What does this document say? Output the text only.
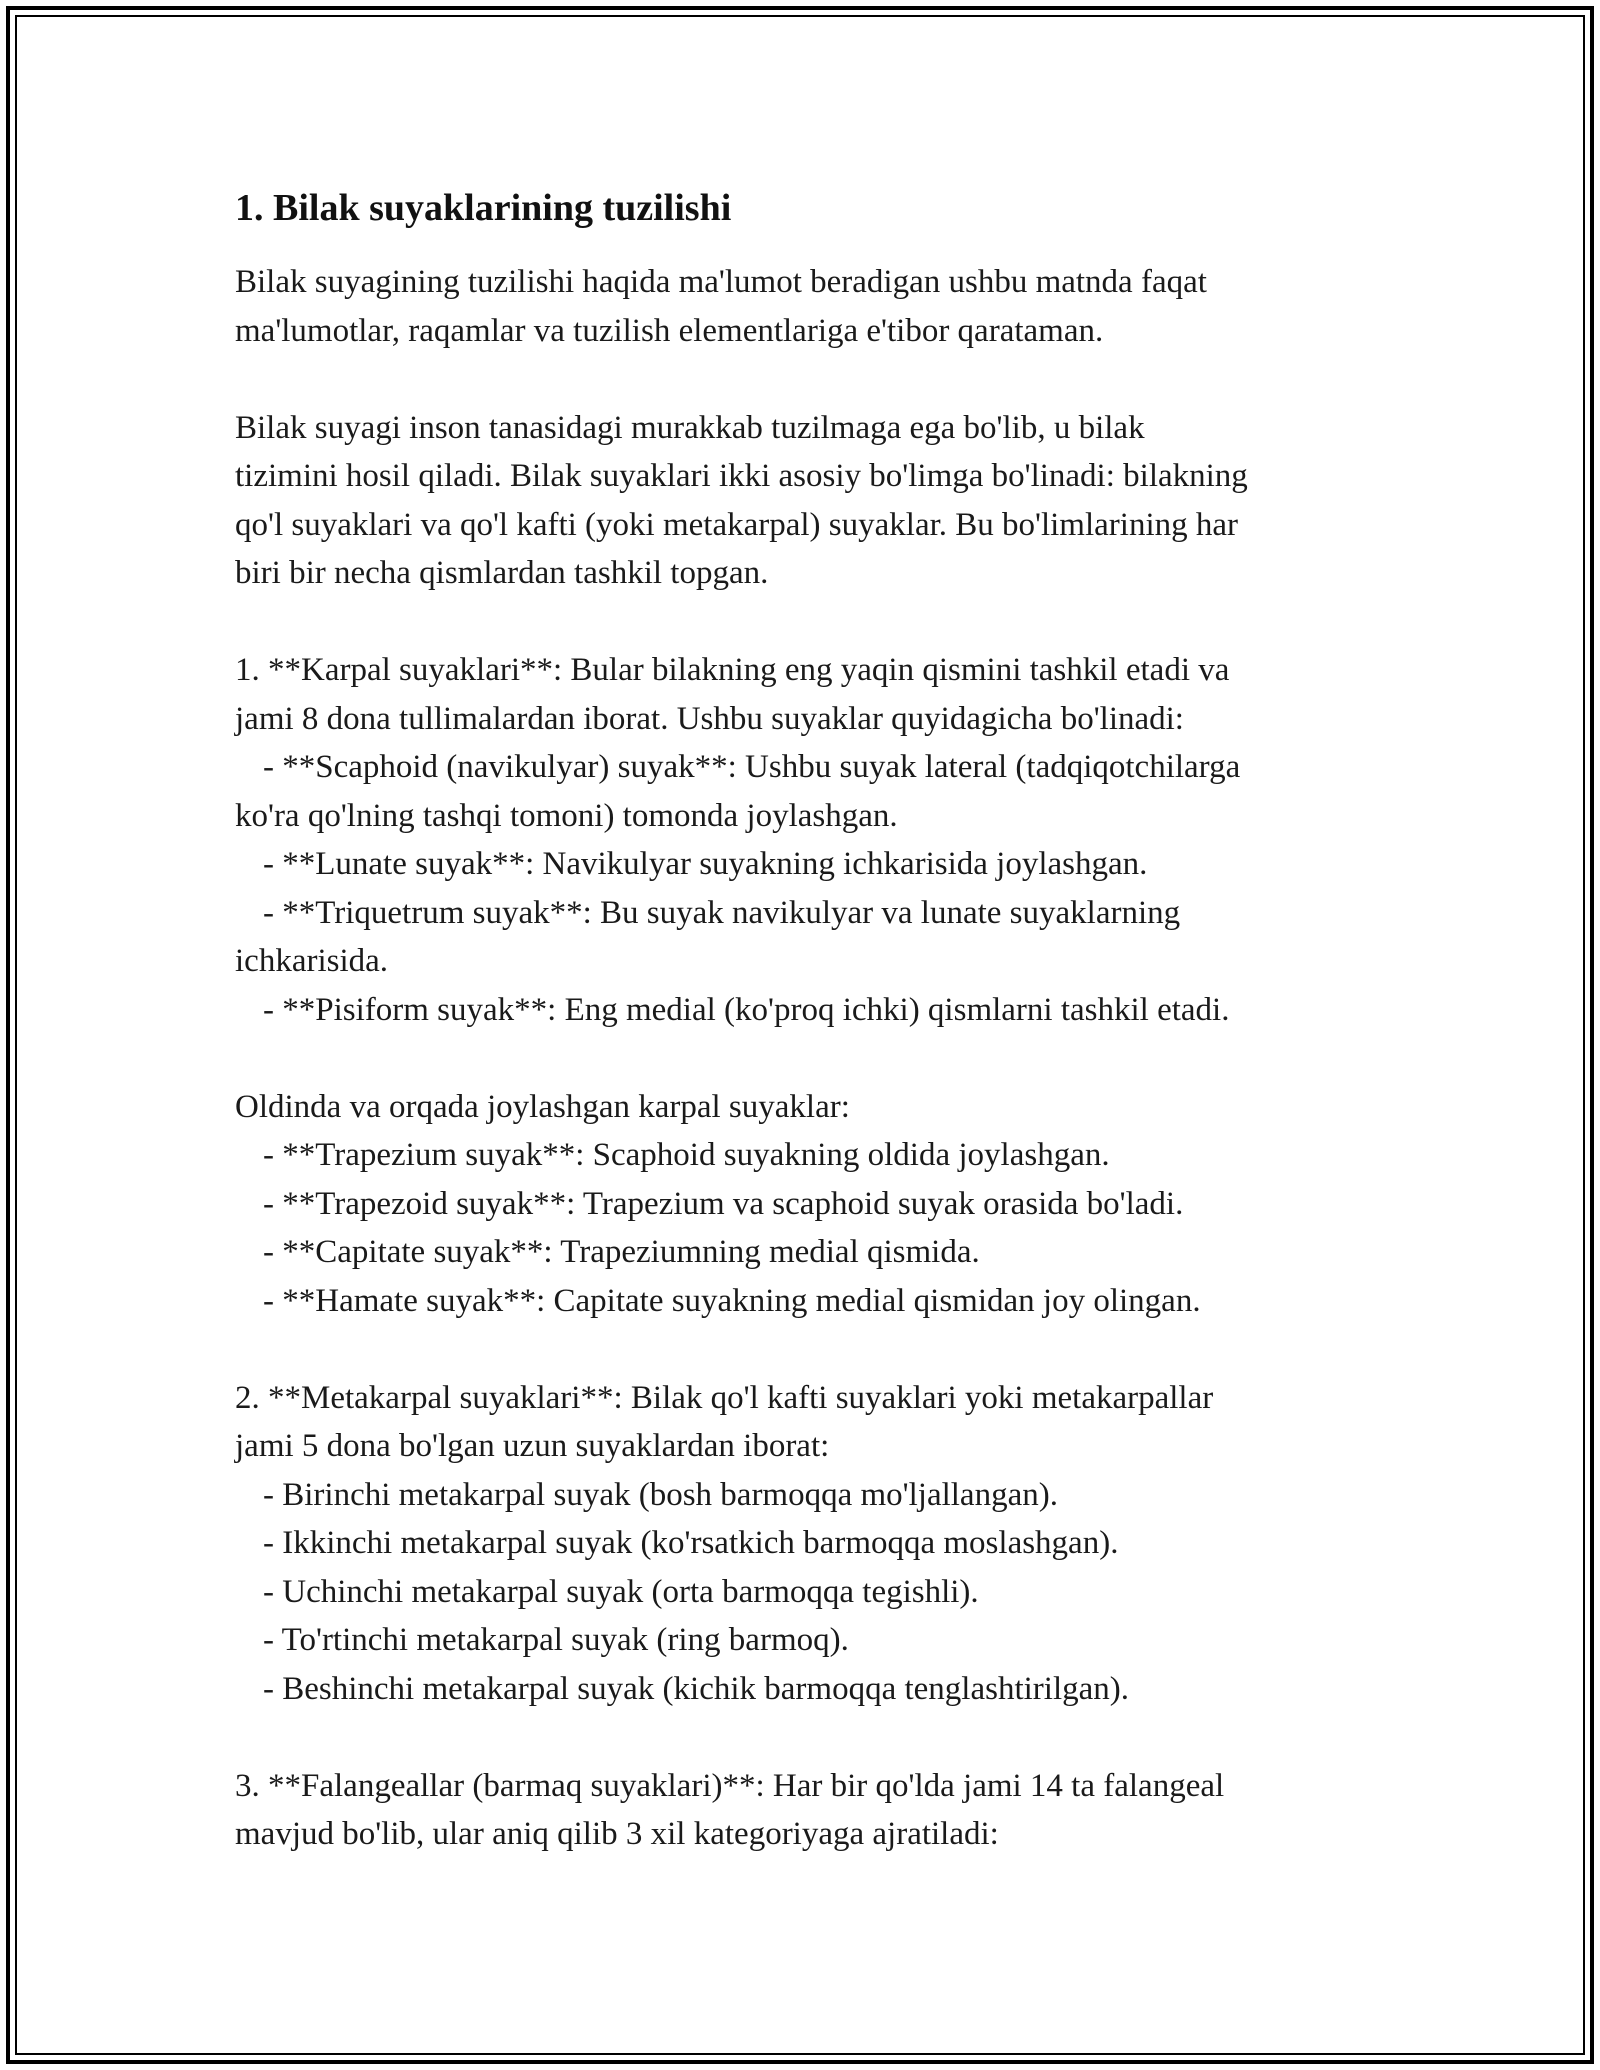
1. Bilak suyaklarining tuzilishi
Bilak suyagining tuzilishi haqida ma'lumot beradigan ushbu matnda faqat
ma'lumotlar, raqamlar va tuzilish elementlariga e'tibor qarataman.
Bilak suyagi inson tanasidagi murakkab tuzilmaga ega bo'lib, u bilak
tizimini hosil qiladi. Bilak suyaklari ikki asosiy bo'limga bo'linadi: bilakning
qo'l suyaklari va qo'l kafti (yoki metakarpal) suyaklar. Bu bo'limlarining har
biri bir necha qismlardan tashkil topgan.
1. **Karpal suyaklari**: Bular bilakning eng yaqin qismini tashkil etadi va
jami 8 dona tullimalardan iborat. Ushbu suyaklar quyidagicha bo'linadi:
- **Scaphoid (navikulyar) suyak**: Ushbu suyak lateral (tadqiqotchilarga
ko'ra qo'lning tashqi tomoni) tomonda joylashgan.
- **Lunate suyak**: Navikulyar suyakning ichkarisida joylashgan.
- **Triquetrum suyak**: Bu suyak navikulyar va lunate suyaklarning
ichkarisida.
- **Pisiform suyak**: Eng medial (ko'proq ichki) qismlarni tashkil etadi.
Oldinda va orqada joylashgan karpal suyaklar:
- **Trapezium suyak**: Scaphoid suyakning oldida joylashgan.
- **Trapezoid suyak**: Trapezium va scaphoid suyak orasida bo'ladi.
- **Capitate suyak**: Trapeziumning medial qismida.
- **Hamate suyak**: Capitate suyakning medial qismidan joy olingan.
2. **Metakarpal suyaklari**: Bilak qo'l kafti suyaklari yoki metakarpallar
jami 5 dona bo'lgan uzun suyaklardan iborat:
- Birinchi metakarpal suyak (bosh barmoqqa mo'ljallangan).
- Ikkinchi metakarpal suyak (ko'rsatkich barmoqqa moslashgan).
- Uchinchi metakarpal suyak (orta barmoqqa tegishli).
- To'rtinchi metakarpal suyak (ring barmoq).
- Beshinchi metakarpal suyak (kichik barmoqqa tenglashtirilgan).
3. **Falangeallar (barmaq suyaklari)**: Har bir qo'lda jami 14 ta falangeal
mavjud bo'lib, ular aniq qilib 3 xil kategoriyaga ajratiladi:
